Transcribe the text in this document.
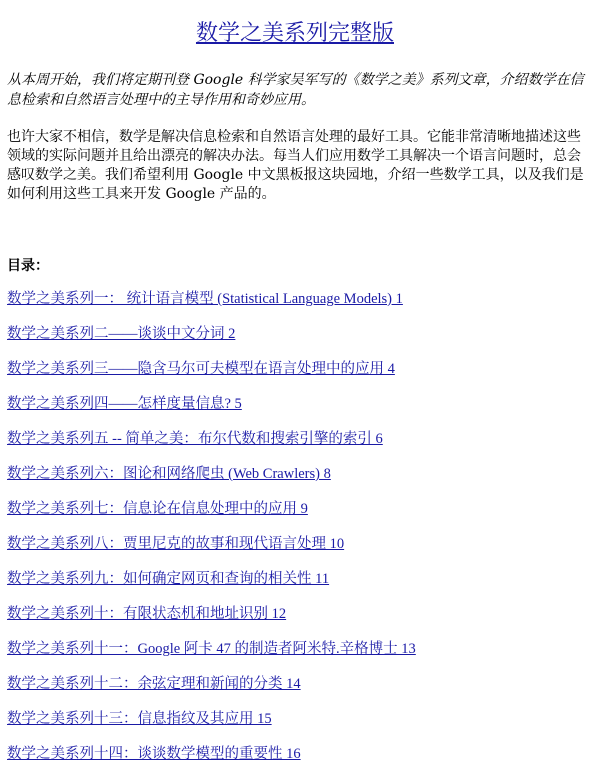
数学之美系列完整版
从本周开始，我们将定期刊登 Google 科学家吴军写的《数学之美》系列文章，介绍数学在信息检索和自然语言处理中的主导作用和奇妙应用。
也许大家不相信，数学是解决信息检索和自然语言处理的最好工具。它能非常清晰地描述这些领域的实际问题并且给出漂亮的解决办法。每当人们应用数学工具解决一个语言问题时，总会感叹数学之美。我们希望利用 Google 中文黑板报这块园地，介绍一些数学工具，以及我们是如何利用这些工具来开发 Google 产品的。
目录：
数学之美系列一： 统计语言模型 (Statistical Language Models) 1
数学之美系列二——谈谈中文分词 2
数学之美系列三——隐含马尔可夫模型在语言处理中的应用 4
数学之美系列四——怎样度量信息? 5
数学之美系列五 -- 简单之美：布尔代数和搜索引擎的索引 6
数学之美系列六：图论和网络爬虫 (Web Crawlers) 8
数学之美系列七：信息论在信息处理中的应用 9
数学之美系列八：贾里尼克的故事和现代语言处理 10
数学之美系列九：如何确定网页和查询的相关性 11
数学之美系列十：有限状态机和地址识别 12
数学之美系列十一：Google 阿卡 47 的制造者阿米特.辛格博士 13
数学之美系列十二：余弦定理和新闻的分类 14
数学之美系列十三：信息指纹及其应用 15
数学之美系列十四：谈谈数学模型的重要性 16
